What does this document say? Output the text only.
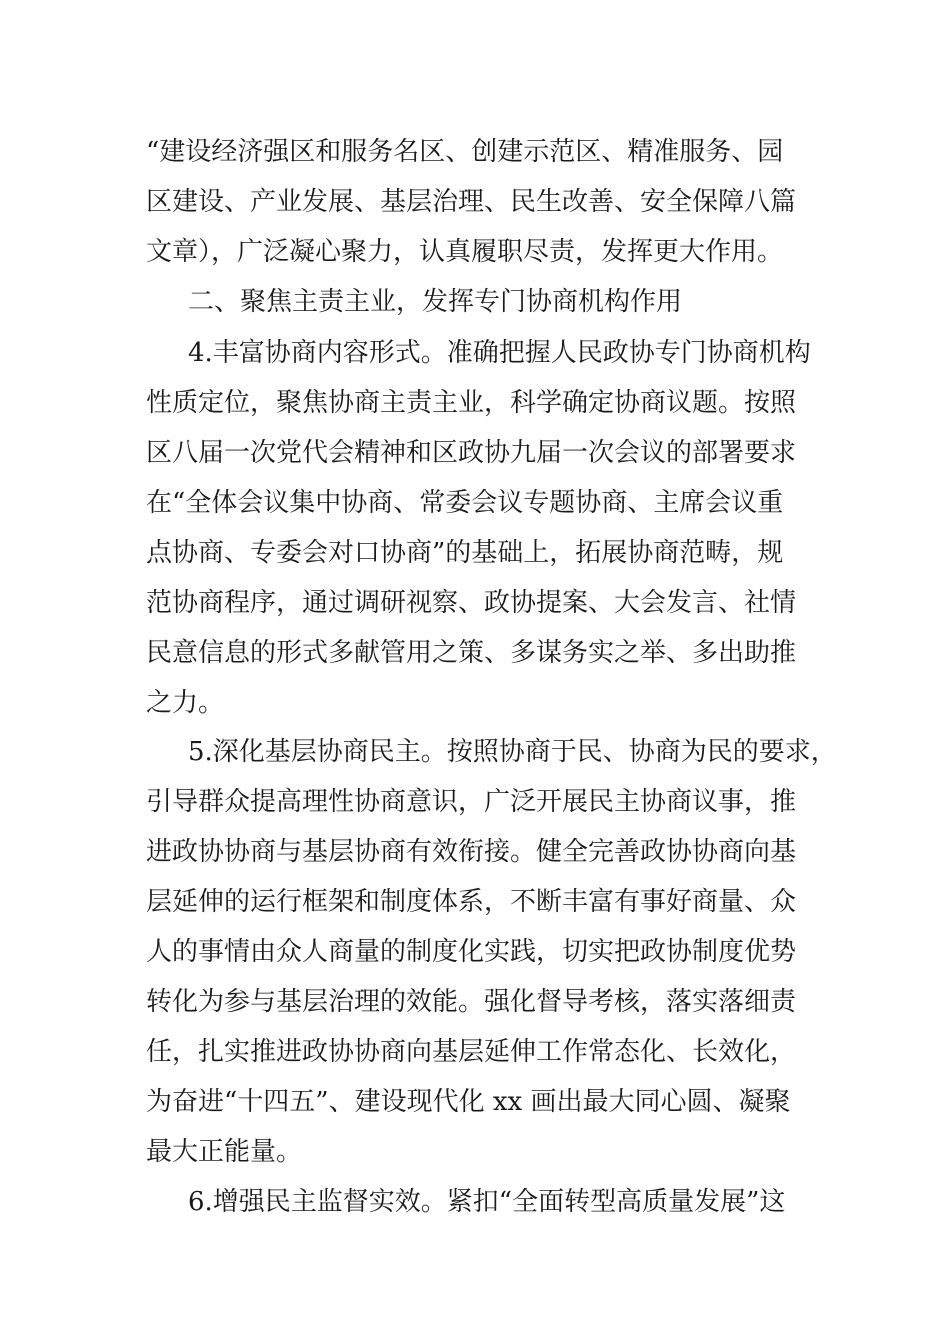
“建设经济强区和服务名区、创建示范区、精准服务、园
区建设、产业发展、基层治理、民生改善、安全保障八篇
文章），广泛凝心聚力，认真履职尽责，发挥更大作用。
二、聚焦主责主业，发挥专门协商机构作用
4.丰富协商内容形式。准确把握人民政协专门协商机构
性质定位，聚焦协商主责主业，科学确定协商议题。按照
区八届一次党代会精神和区政协九届一次会议的部署要求
在“全体会议集中协商、常委会议专题协商、主席会议重
点协商、专委会对口协商”的基础上，拓展协商范畴，规
范协商程序，通过调研视察、政协提案、大会发言、社情
民意信息的形式多献管用之策、多谋务实之举、多出助推
之力。
5.深化基层协商民主。按照协商于民、协商为民的要求，
引导群众提高理性协商意识，广泛开展民主协商议事，推
进政协协商与基层协商有效衔接。健全完善政协协商向基
层延伸的运行框架和制度体系，不断丰富有事好商量、众
人的事情由众人商量的制度化实践，切实把政协制度优势
转化为参与基层治理的效能。强化督导考核，落实落细责
任，扎实推进政协协商向基层延伸工作常态化、长效化，
为奋进“十四五”、建设现代化 xx 画出最大同心圆、凝聚
最大正能量。
6.增强民主监督实效。紧扣“全面转型高质量发展”这
